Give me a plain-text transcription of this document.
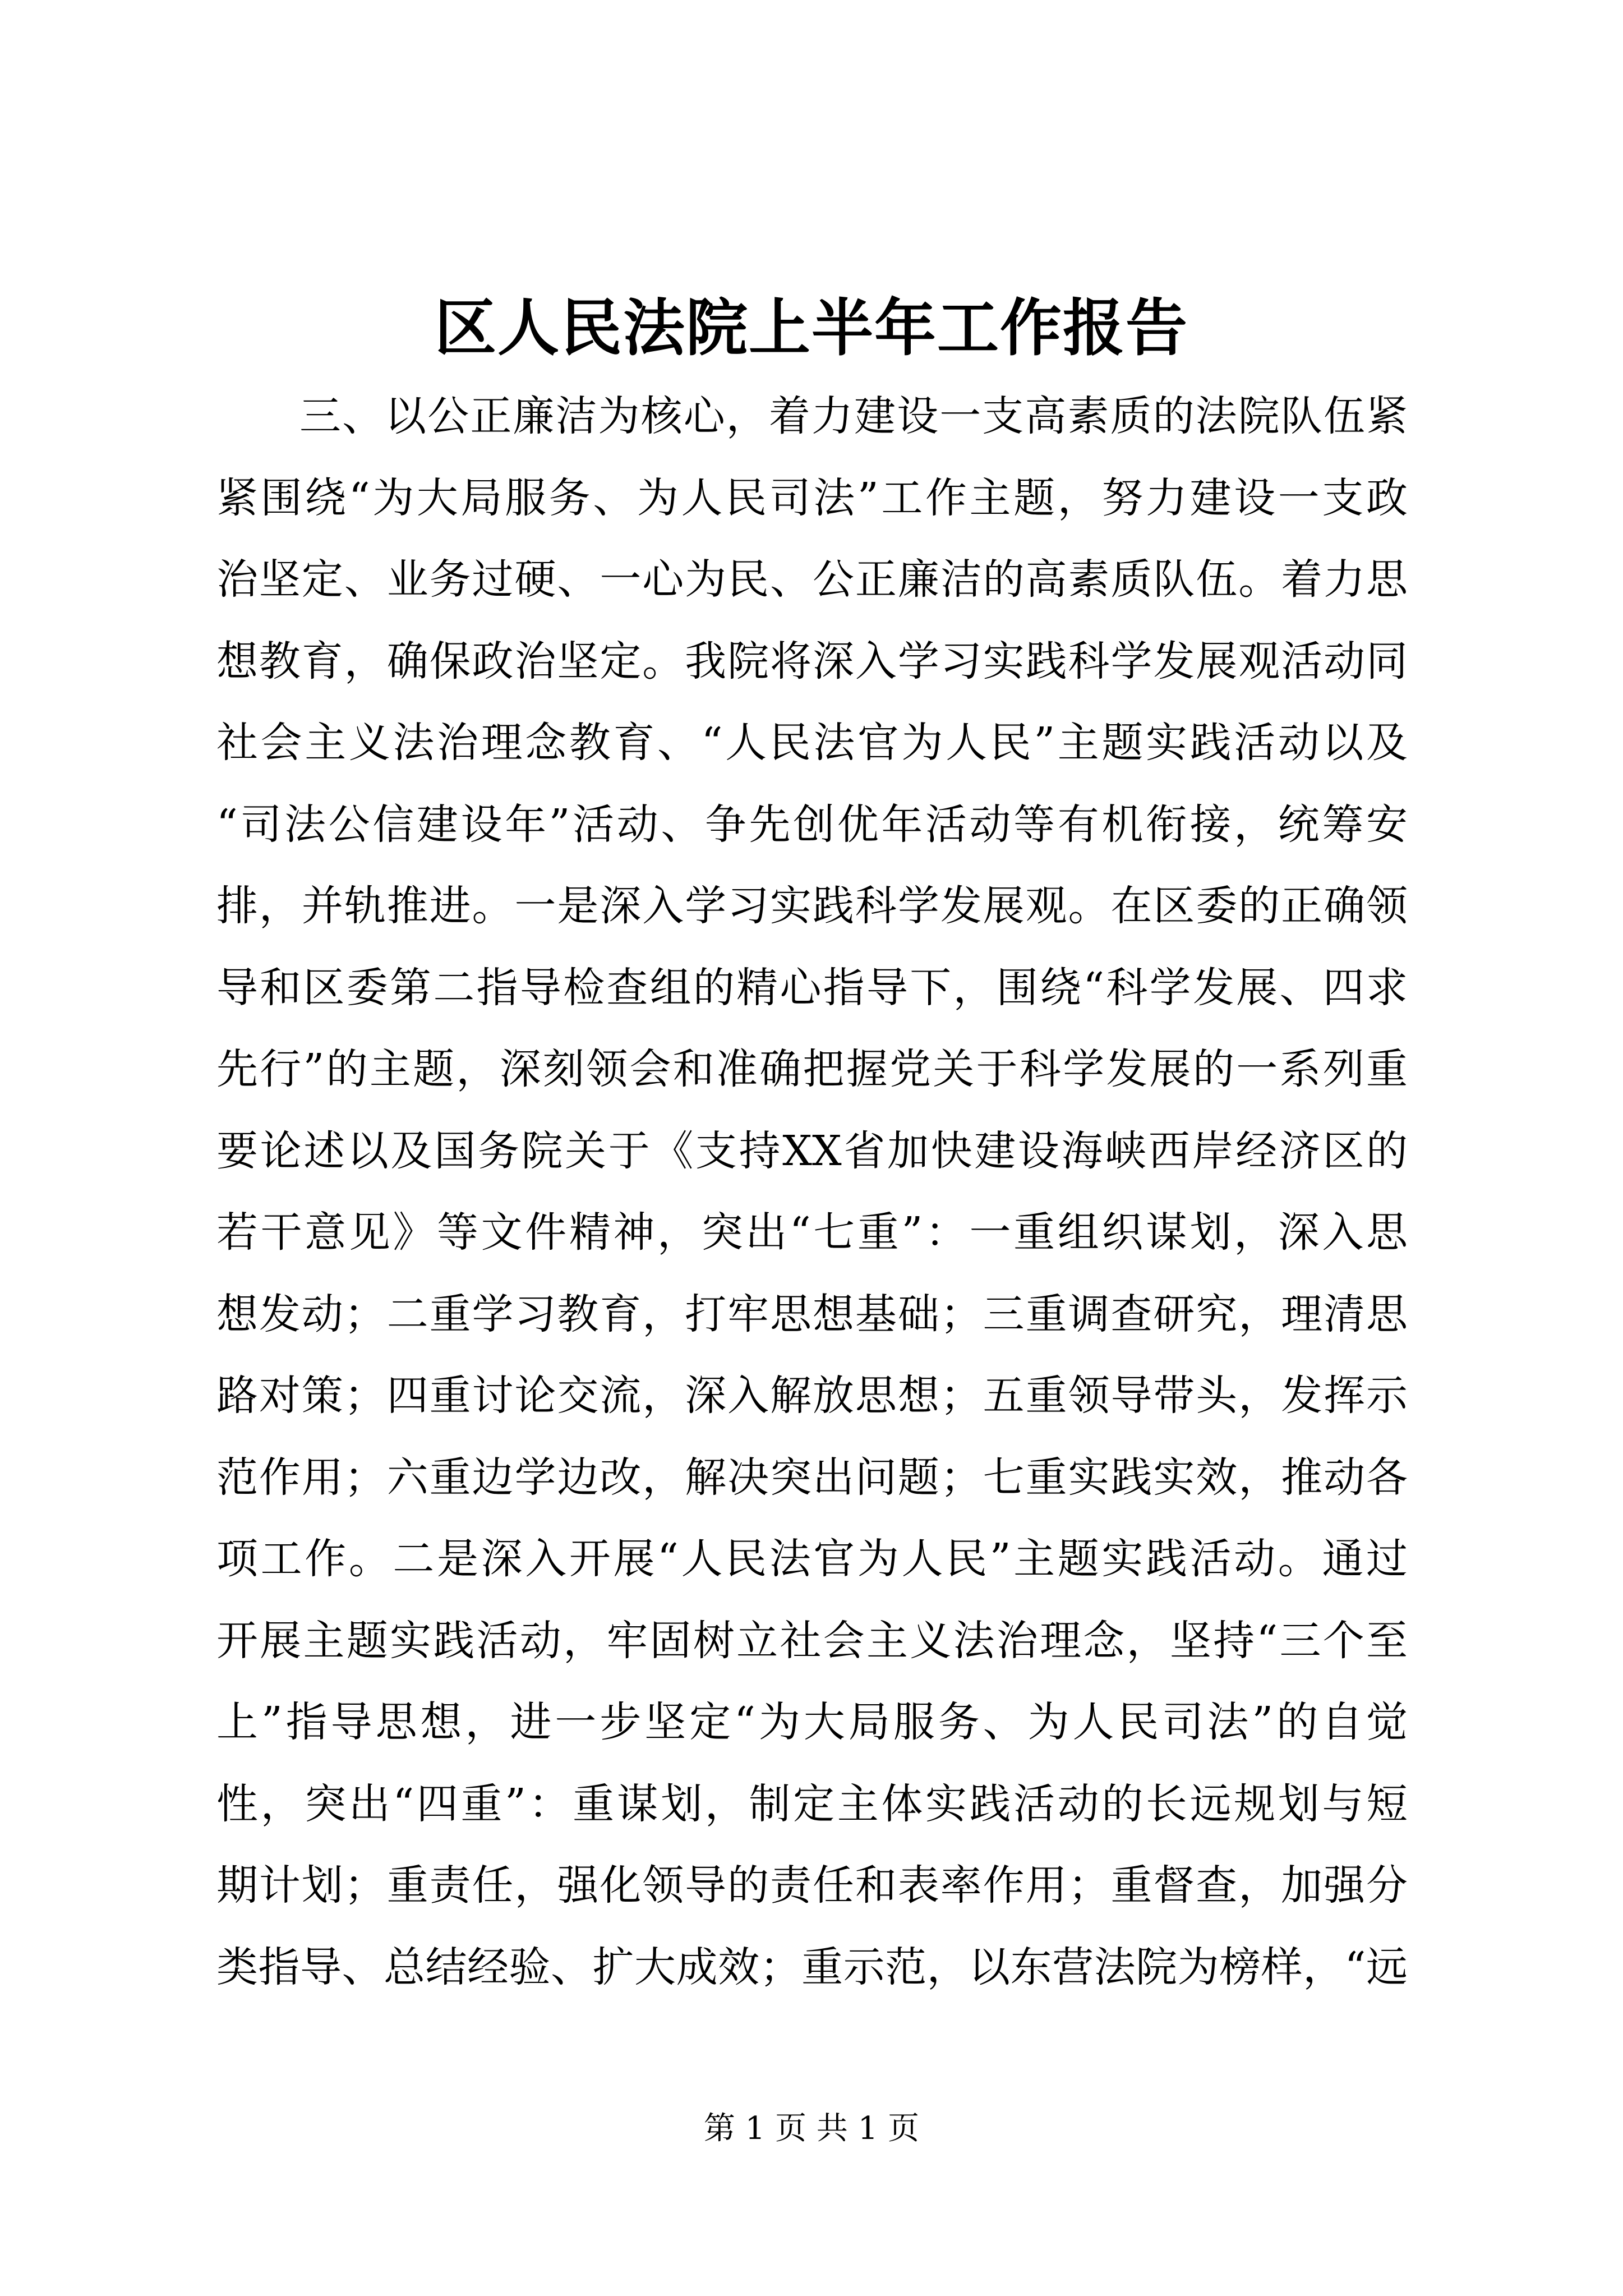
区人民法院上半年工作报告
三、以公正廉洁为核心，着力建设一支高素质的法院队伍紧
紧围绕“为大局服务、为人民司法”工作主题，努力建设一支政
治坚定、业务过硬、一心为民、公正廉洁的高素质队伍。着力思
想教育，确保政治坚定。我院将深入学习实践科学发展观活动同
社会主义法治理念教育、“人民法官为人民”主题实践活动以及
“司法公信建设年”活动、争先创优年活动等有机衔接，统筹安
排，并轨推进。一是深入学习实践科学发展观。在区委的正确领
导和区委第二指导检查组的精心指导下，围绕“科学发展、四求
先行”的主题，深刻领会和准确把握党关于科学发展的一系列重
要论述以及国务院关于《支持XX省加快建设海峡西岸经济区的
若干意见》等文件精神，突出“七重”：一重组织谋划，深入思
想发动；二重学习教育，打牢思想基础；三重调查研究，理清思
路对策；四重讨论交流，深入解放思想；五重领导带头，发挥示
范作用；六重边学边改，解决突出问题；七重实践实效，推动各
项工作。二是深入开展“人民法官为人民”主题实践活动。通过
开展主题实践活动，牢固树立社会主义法治理念，坚持“三个至
上”指导思想，进一步坚定“为大局服务、为人民司法”的自觉
性，突出“四重”：重谋划，制定主体实践活动的长远规划与短
期计划；重责任，强化领导的责任和表率作用；重督查，加强分
类指导、总结经验、扩大成效；重示范，以东营法院为榜样，“远
第 1 页 共 1 页
